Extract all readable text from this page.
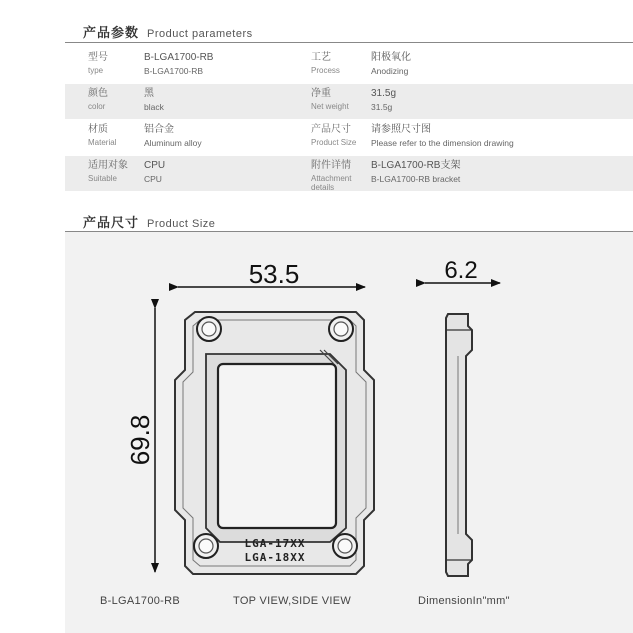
产品参数 Product parameters
型号
type
B-LGA1700-RB
B-LGA1700-RB
工艺
Process
阳极氧化
Anodizing
颜色
color
黑
black
净重
Net weight
31.5g
31.5g
材质
Material
铝合金
Aluminum alloy
产品尺寸
Product Size
请参照尺寸图
Please refer to the dimension drawing
适用对象
Suitable
CPU
CPU
附件详情
Attachment details
B-LGA1700-RB支架
B-LGA1700-RB bracket
产品尺寸 Product Size
53.5
69.8
6.2
LGA-17XX
LGA-18XX
B-LGA1700-RB	TOP VIEW,SIDE VIEW	DimensionIn"mm"
